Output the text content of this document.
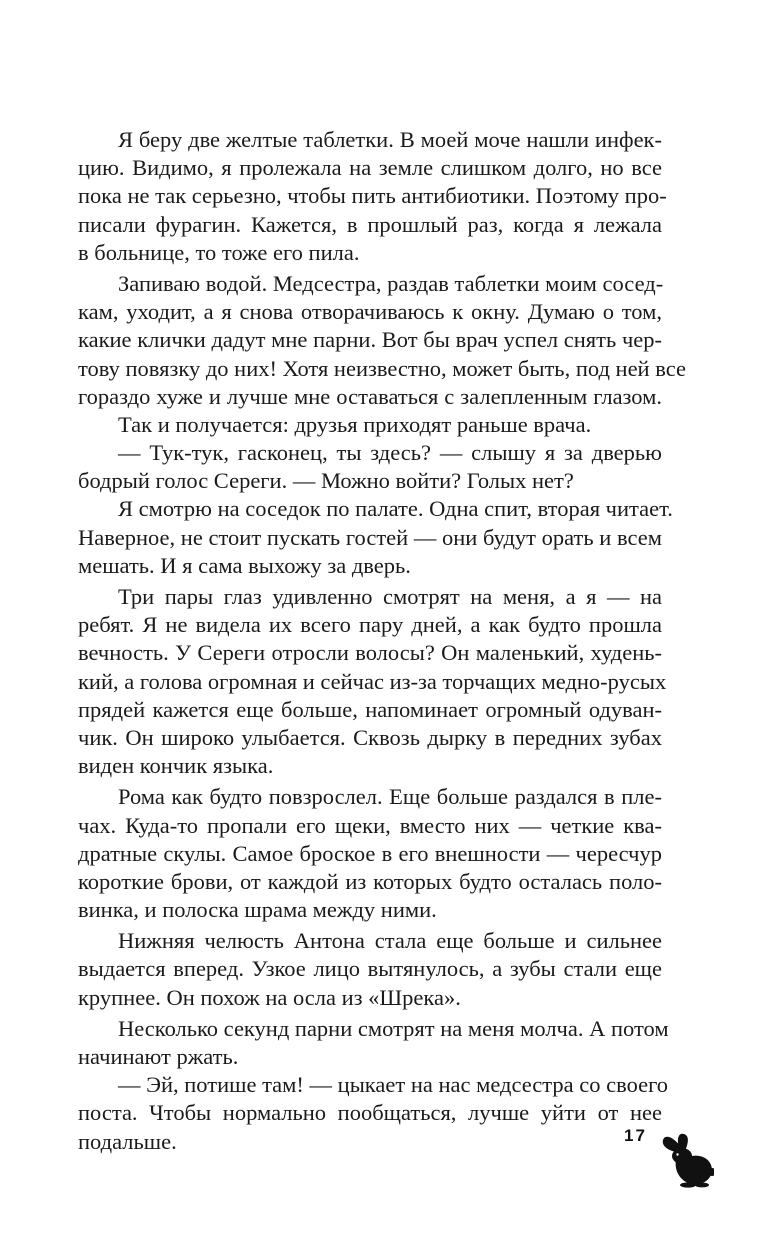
Я беру две желтые таблетки. В моей моче нашли инфек-
цию. Видимо, я пролежала на земле слишком долго, но все
пока не так серьезно, чтобы пить антибиотики. Поэтому про-
писали фурагин. Кажется, в прошлый раз, когда я лежала
в больнице, то тоже его пила.
Запиваю водой. Медсестра, раздав таблетки моим сосед-
кам, уходит, а я снова отворачиваюсь к окну. Думаю о том,
какие клички дадут мне парни. Вот бы врач успел снять чер-
тову повязку до них! Хотя неизвестно, может быть, под ней все
гораздо хуже и лучше мне оставаться с залепленным глазом.
Так и получается: друзья приходят раньше врача.
— Тук-тук, гасконец, ты здесь? — слышу я за дверью
бодрый голос Сереги. — Можно войти? Голых нет?
Я смотрю на соседок по палате. Одна спит, вторая читает.
Наверное, не стоит пускать гостей — они будут орать и всем
мешать. И я сама выхожу за дверь.
Три пары глаз удивленно смотрят на меня, а я — на
ребят. Я не видела их всего пару дней, а как будто прошла
вечность. У Сереги отросли волосы? Он маленький, худень-
кий, а голова огромная и сейчас из-за торчащих медно-русых
прядей кажется еще больше, напоминает огромный одуван-
чик. Он широко улыбается. Сквозь дырку в передних зубах
виден кончик языка.
Рома как будто повзрослел. Еще больше раздался в пле-
чах. Куда-то пропали его щеки, вместо них — четкие ква-
дратные скулы. Самое броское в его внешности — чересчур
короткие брови, от каждой из которых будто осталась поло-
винка, и полоска шрама между ними.
Нижняя челюсть Антона стала еще больше и сильнее
выдается вперед. Узкое лицо вытянулось, а зубы стали еще
крупнее. Он похож на осла из «Шрека».
Несколько секунд парни смотрят на меня молча. А потом
начинают ржать.
— Эй, потише там! — цыкает на нас медсестра со своего
поста. Чтобы нормально пообщаться, лучше уйти от нее
подальше.	17
